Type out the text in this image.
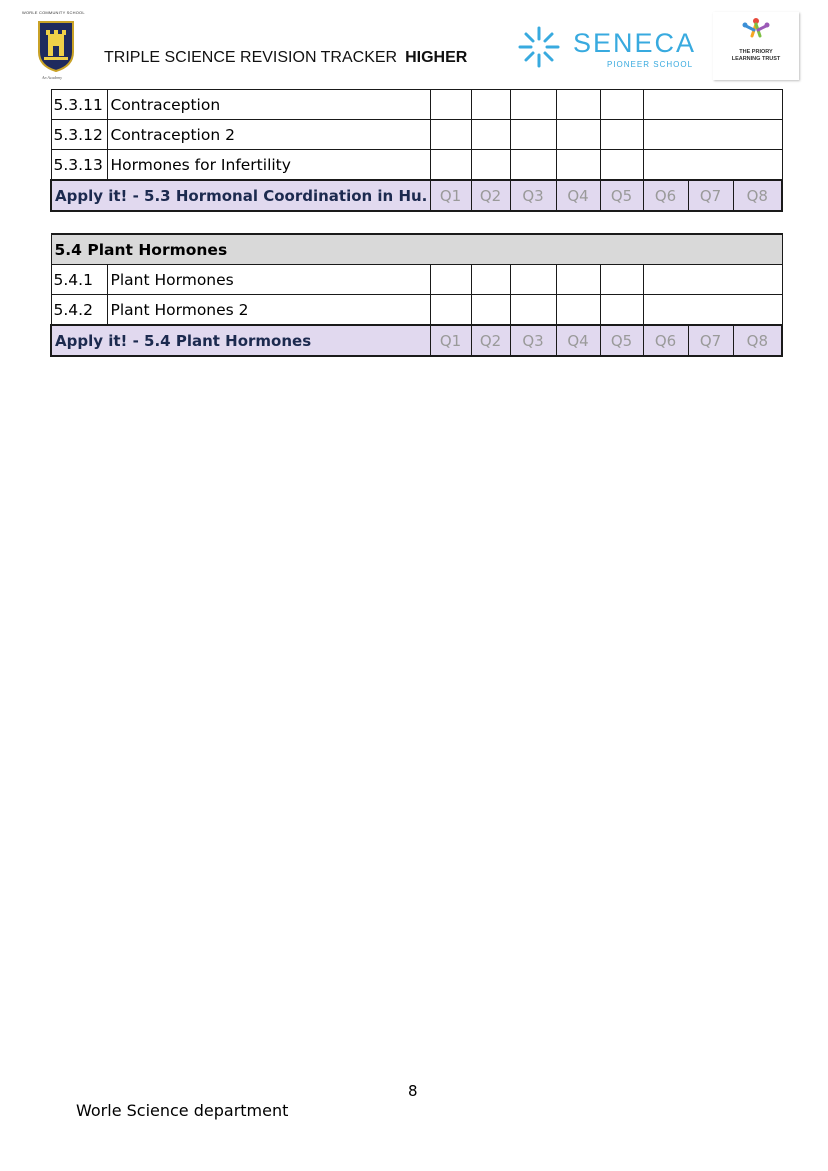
WORLE COMMUNITY SCHOOL
An Academy
TRIPLE SCIENCE REVISION TRACKER HIGHER	SENECA
PIONEER SCHOOL
THE PRIORY
LEARNING TRUST
5.3.11	Contraception								
5.3.12	Contraception 2								
5.3.13	Hormones for Infertility								
Apply it! - 5.3 Hormonal Coordination in Hu.		Q1	Q2	Q3	Q4	Q5	Q6	Q7	Q8
5.4 Plant Hormones									
5.4.1	Plant Hormones								
5.4.2	Plant Hormones 2								
Apply it! - 5.4 Plant Hormones		Q1	Q2	Q3	Q4	Q5	Q6	Q7	Q8
8
Worle Science department
